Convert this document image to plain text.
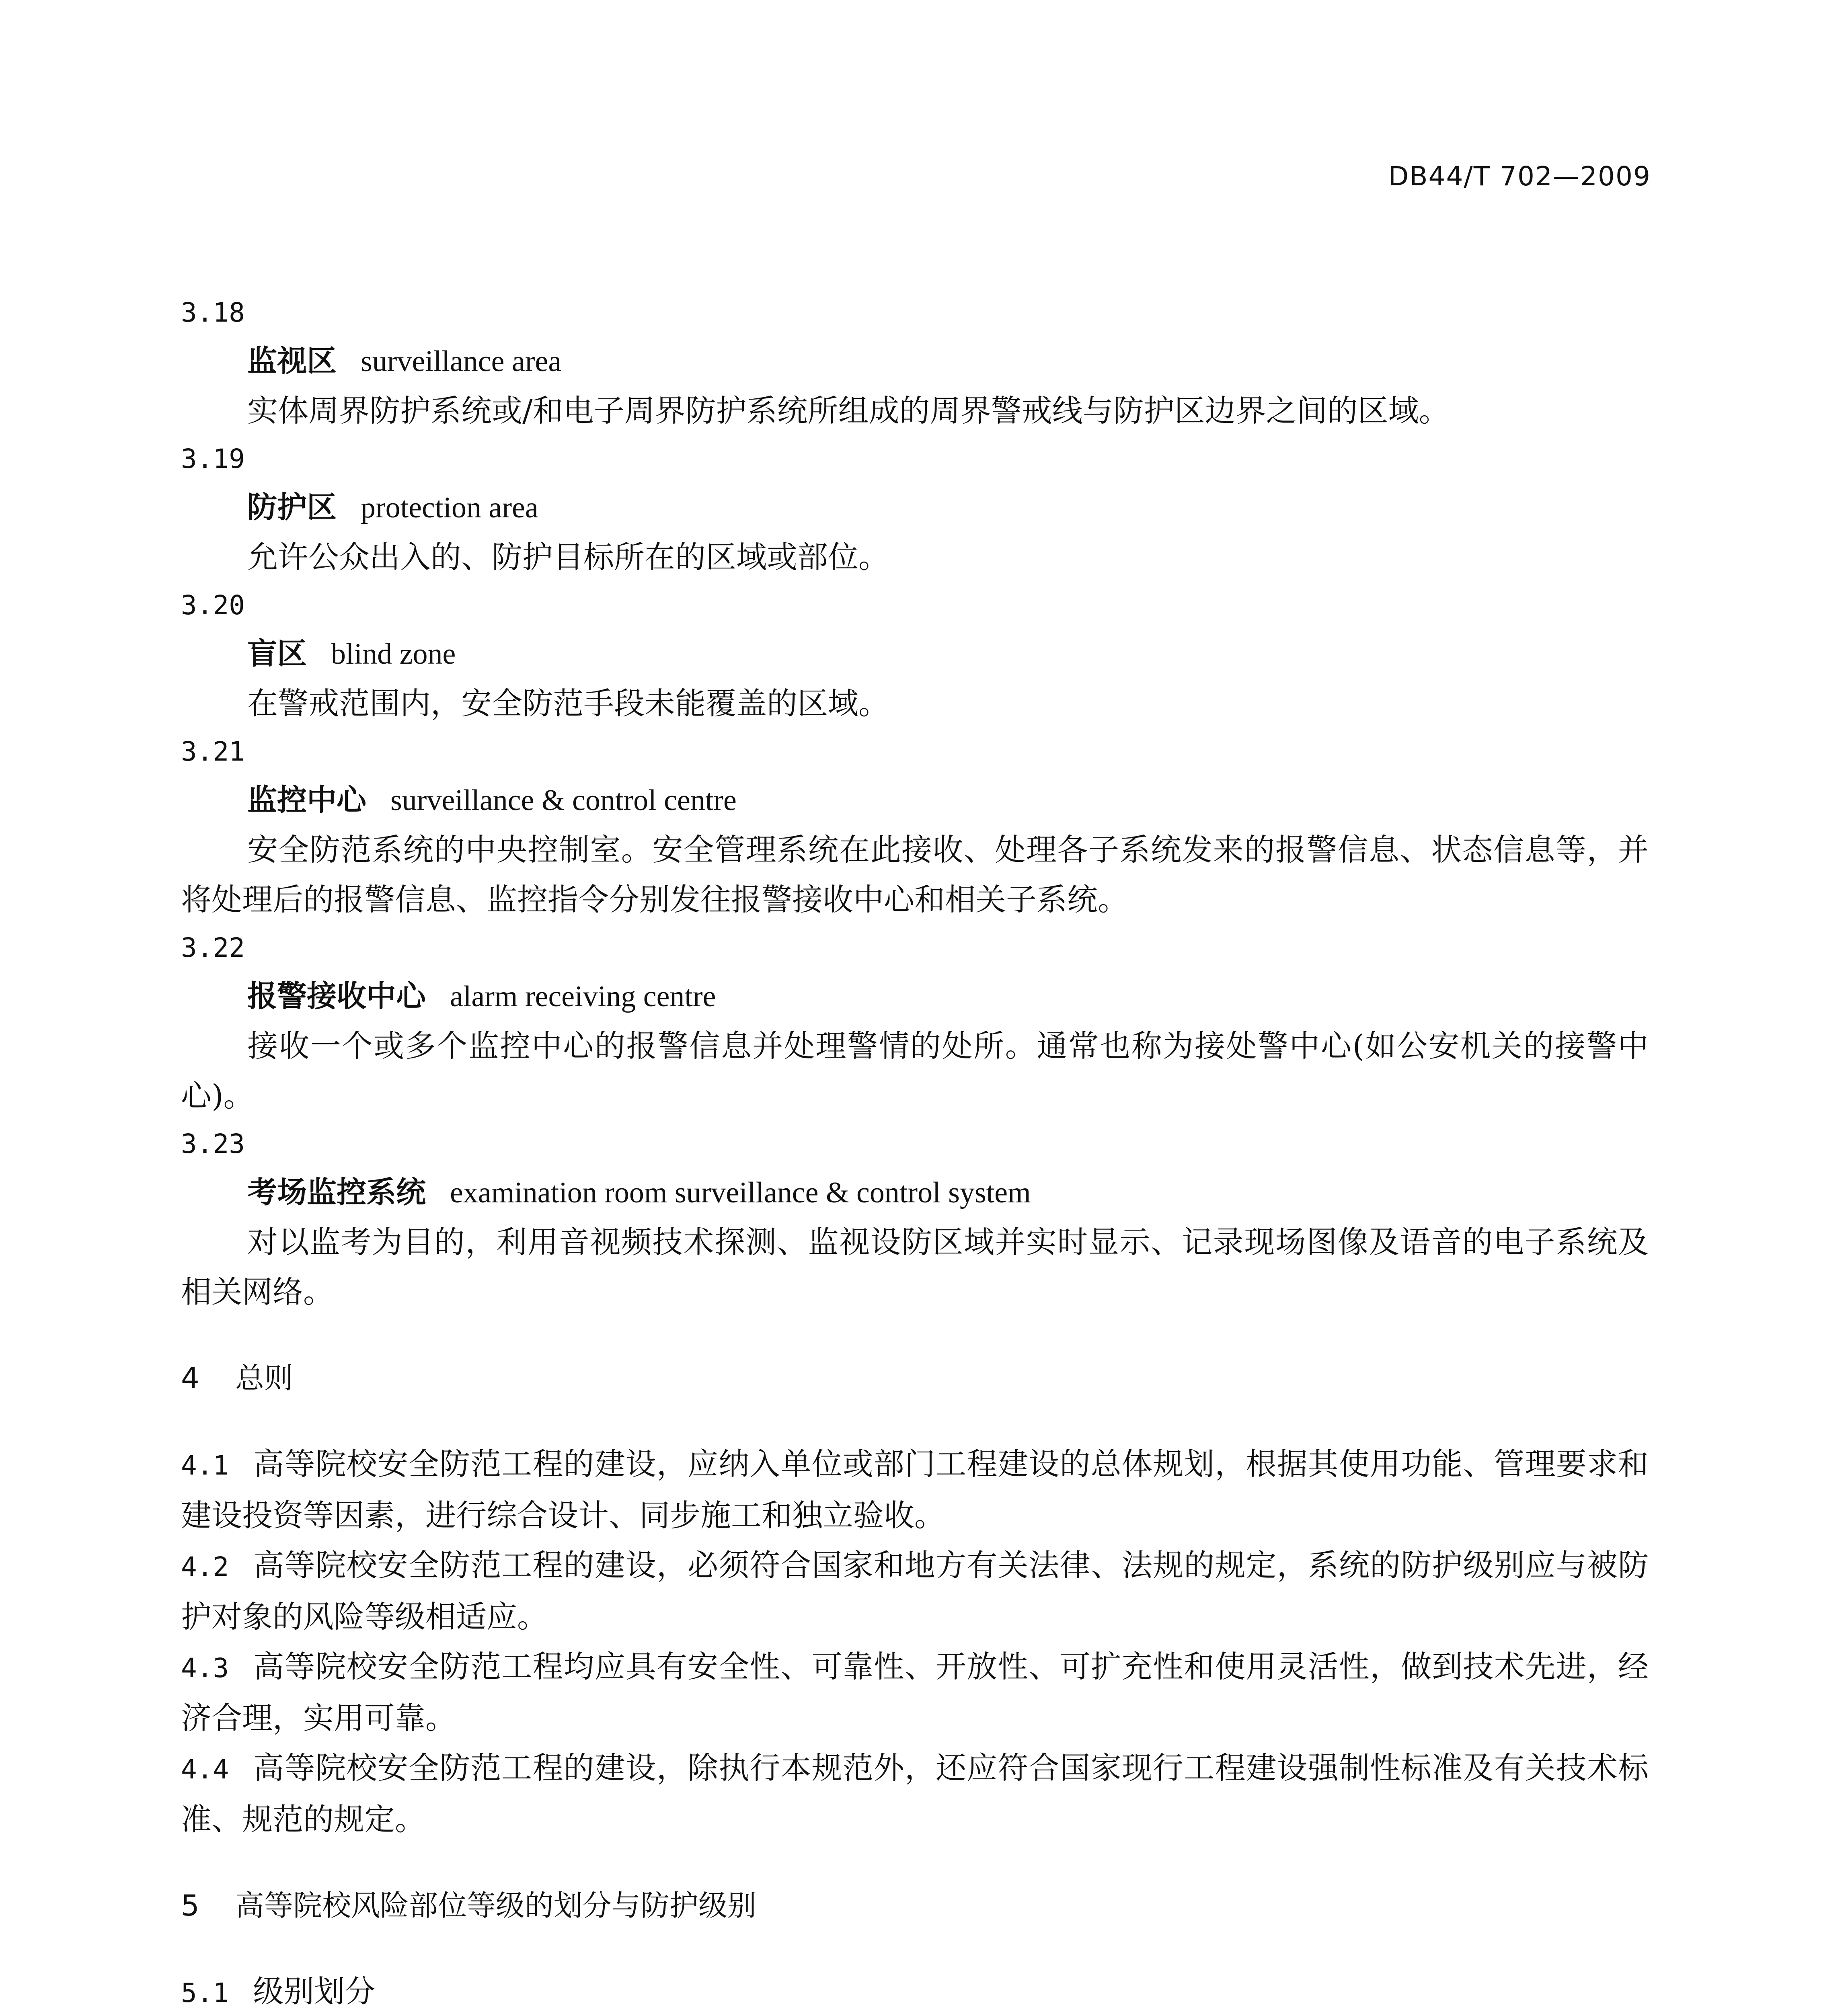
DB44/T 702—2009
3.18
监视区 surveillance area
实体周界防护系统或/和电子周界防护系统所组成的周界警戒线与防护区边界之间的区域。
3.19
防护区 protection area
允许公众出入的、防护目标所在的区域或部位。
3.20
盲区 blind zone
在警戒范围内，安全防范手段未能覆盖的区域。
3.21
监控中心 surveillance & control centre
安全防范系统的中央控制室。安全管理系统在此接收、处理各子系统发来的报警信息、状态信息等，并将处理后的报警信息、监控指令分别发往报警接收中心和相关子系统。
3.22
报警接收中心 alarm receiving centre
接收一个或多个监控中心的报警信息并处理警情的处所。通常也称为接处警中心(如公安机关的接警中心)。
3.23
考场监控系统 examination room surveillance & control system
对以监考为目的，利用音视频技术探测、监视设防区域并实时显示、记录现场图像及语音的电子系统及相关网络。
4 总则
4.1 高等院校安全防范工程的建设，应纳入单位或部门工程建设的总体规划，根据其使用功能、管理要求和建设投资等因素，进行综合设计、同步施工和独立验收。
4.2 高等院校安全防范工程的建设，必须符合国家和地方有关法律、法规的规定，系统的防护级别应与被防护对象的风险等级相适应。
4.3 高等院校安全防范工程均应具有安全性、可靠性、开放性、可扩充性和使用灵活性，做到技术先进，经济合理，实用可靠。
4.4 高等院校安全防范工程的建设，除执行本规范外，还应符合国家现行工程建设强制性标准及有关技术标准、规范的规定。
5 高等院校风险部位等级的划分与防护级别
5.1 级别划分
